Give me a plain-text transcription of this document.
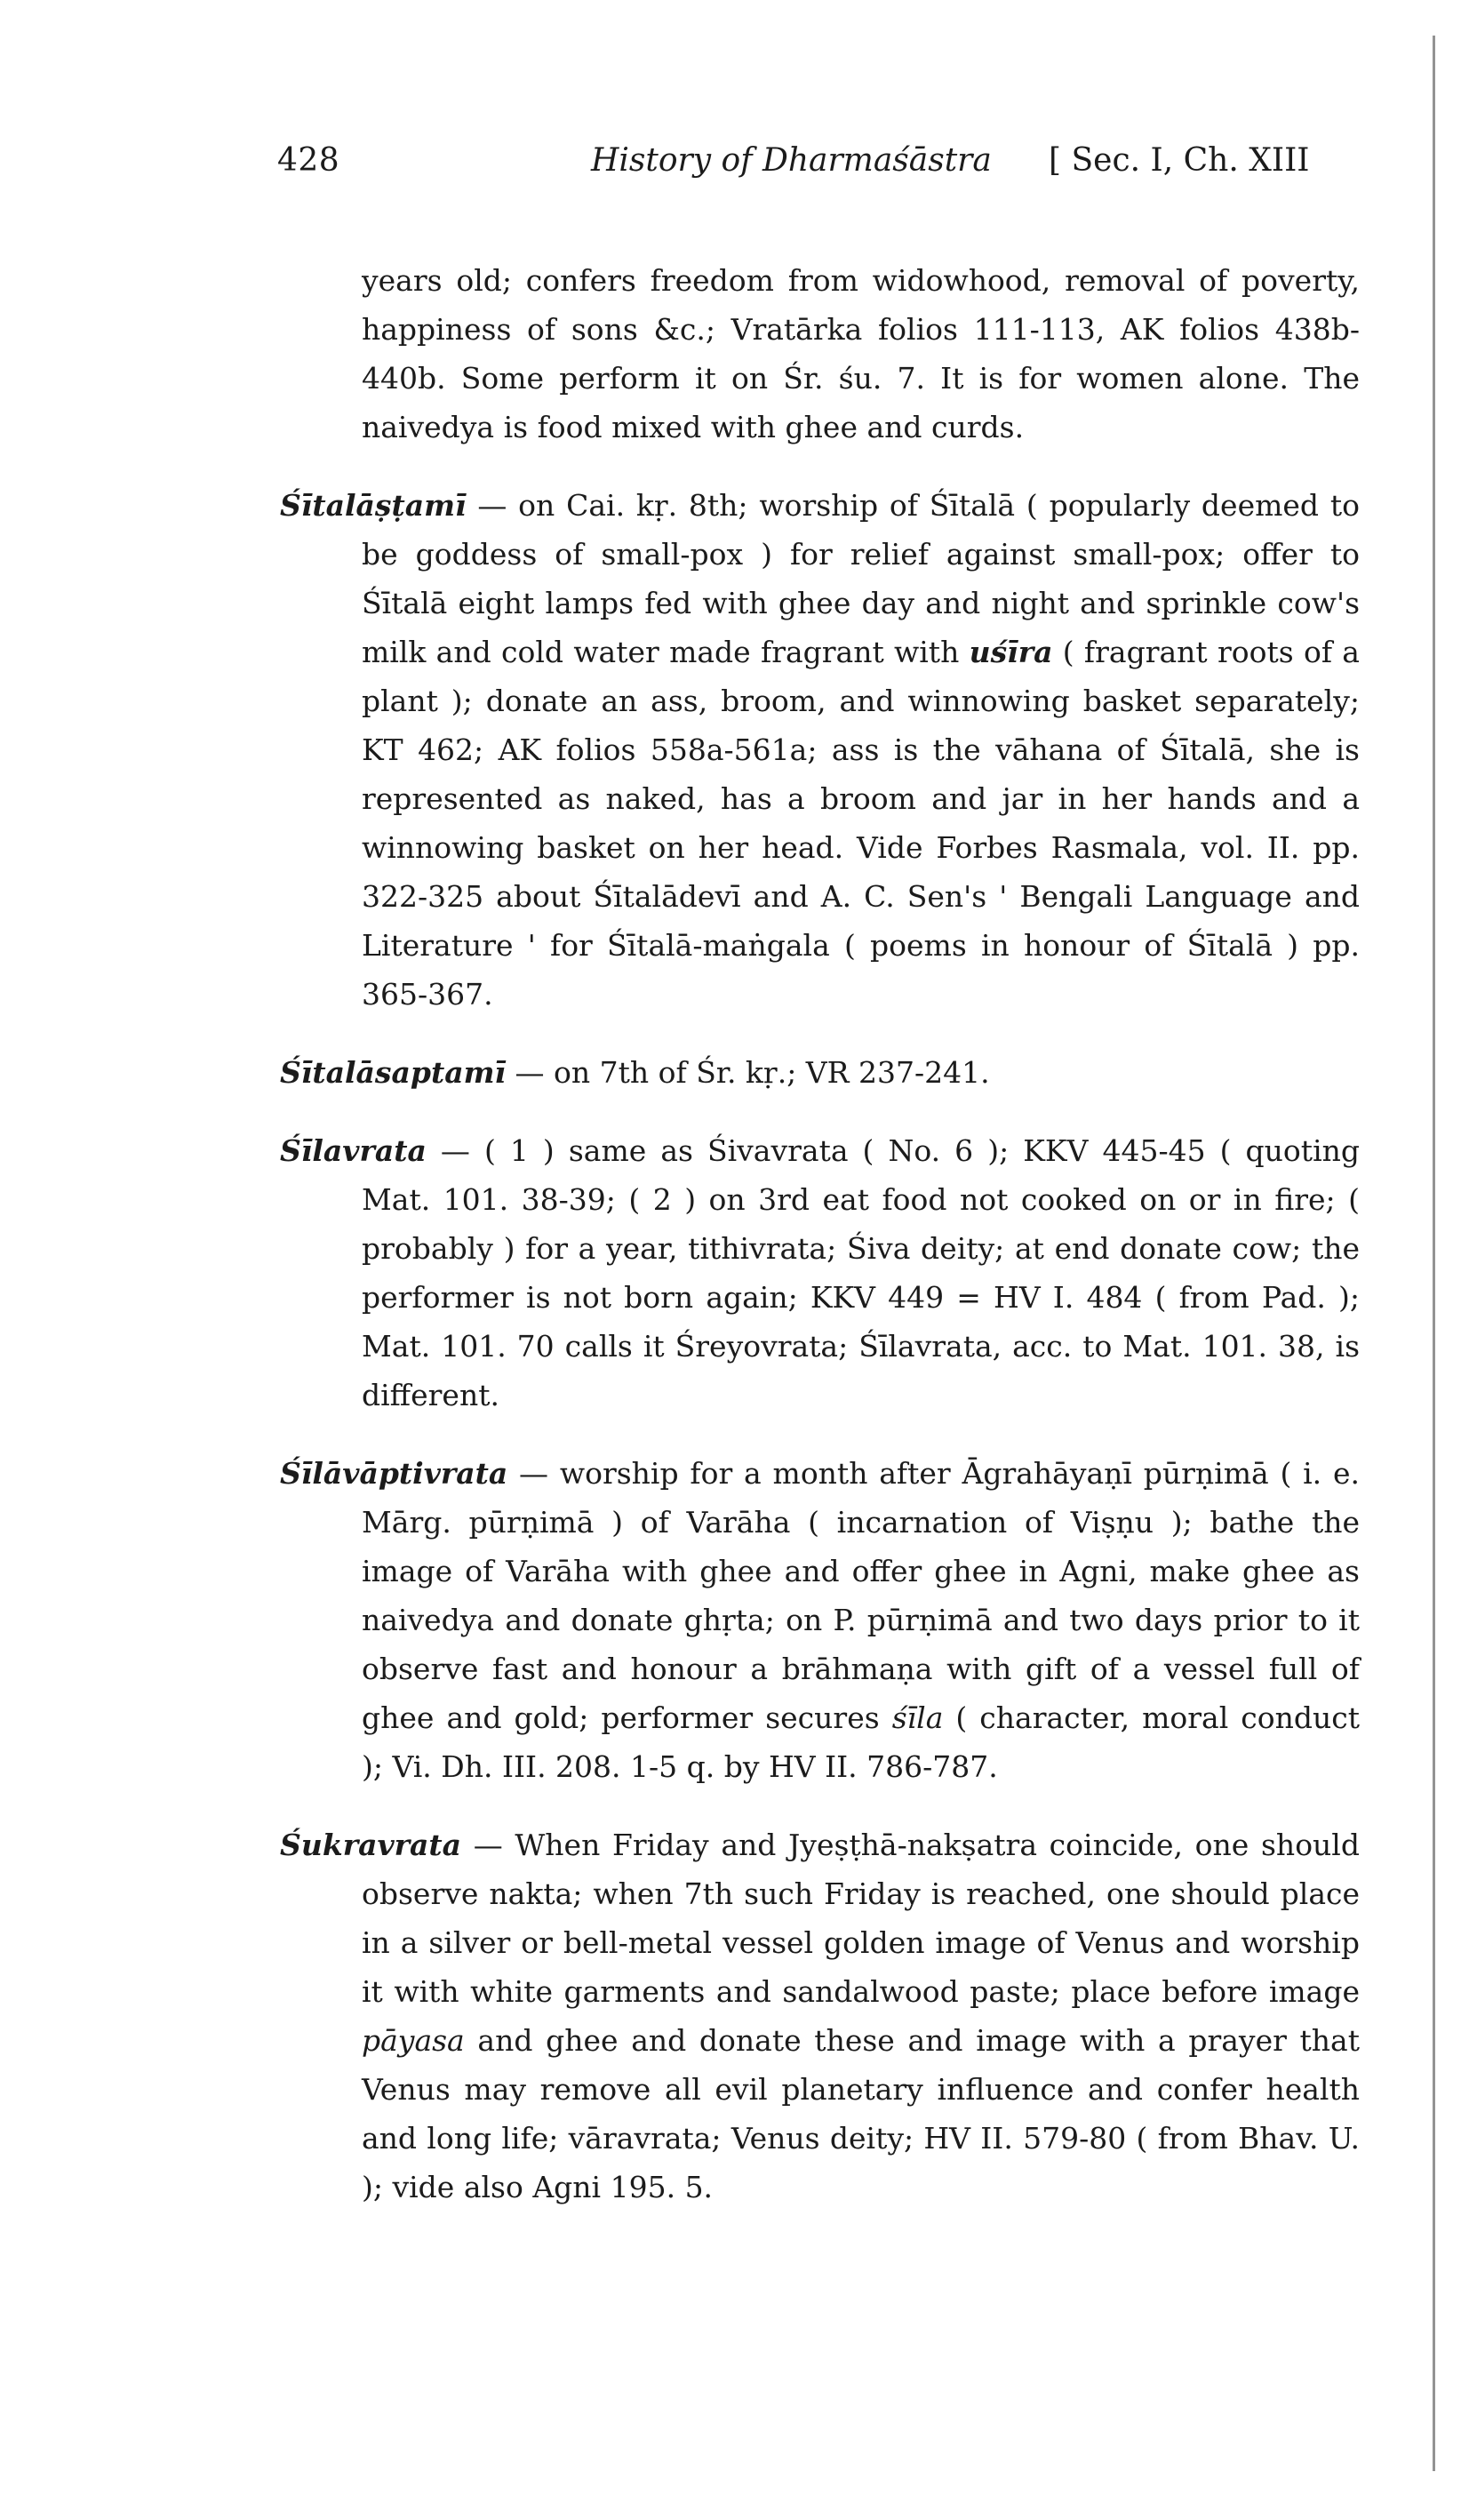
428	History of Dharmaśāstra [ Sec. I, Ch. XIII

years old; confers freedom from widowhood, removal of poverty, happiness of sons &c.; Vratārka folios 111-113, AK folios 438b-440b. Some perform it on Śr. śu. 7. It is for women alone. The naivedya is food mixed with ghee and curds.

Śītalāṣṭamī — on Cai. kṛ. 8th; worship of Śītalā ( popularly deemed to be goddess of small-pox ) for relief against small-pox; offer to Śītalā eight lamps fed with ghee day and night and sprinkle cow's milk and cold water made fragrant with uśīra ( fragrant roots of a plant ); donate an ass, broom, and winnowing basket separately; KT 462; AK folios 558a-561a; ass is the vāhana of Śītalā, she is represented as naked, has a broom and jar in her hands and a winnowing basket on her head. Vide Forbes Rasmala, vol. II. pp. 322-325 about Śītalādevī and A. C. Sen's ' Bengali Language and Literature ' for Śītalā-maṅgala ( poems in honour of Śītalā ) pp. 365-367.

Śītalāsaptamī — on 7th of Śr. kṛ.; VR 237-241.

Śīlavrata — ( 1 ) same as Śivavrata ( No. 6 ); KKV 445-45 ( quoting Mat. 101. 38-39; ( 2 ) on 3rd eat food not cooked on or in fire; ( probably ) for a year, tithivrata; Śiva deity; at end donate cow; the performer is not born again; KKV 449 = HV I. 484 ( from Pad. ); Mat. 101. 70 calls it Śreyovrata; Śīlavrata, acc. to Mat. 101. 38, is different.

Śīlāvāptivrata — worship for a month after Āgrahāyaṇī pūrṇimā ( i. e. Mārg. pūrṇimā ) of Varāha ( incarnation of Viṣṇu ); bathe the image of Varāha with ghee and offer ghee in Agni, make ghee as naivedya and donate ghṛta; on P. pūrṇimā and two days prior to it observe fast and honour a brāhmaṇa with gift of a vessel full of ghee and gold; performer secures śīla ( character, moral conduct ); Vi. Dh. III. 208. 1-5 q. by HV II. 786-787.

Śukravrata — When Friday and Jyeṣṭhā-nakṣatra coincide, one should observe nakta; when 7th such Friday is reached, one should place in a silver or bell-metal vessel golden image of Venus and worship it with white garments and sandalwood paste; place before image pāyasa and ghee and donate these and image with a prayer that Venus may remove all evil planetary influence and confer health and long life; vāravrata; Venus deity; HV II. 579-80 ( from Bhav. U. ); vide also Agni 195. 5.
